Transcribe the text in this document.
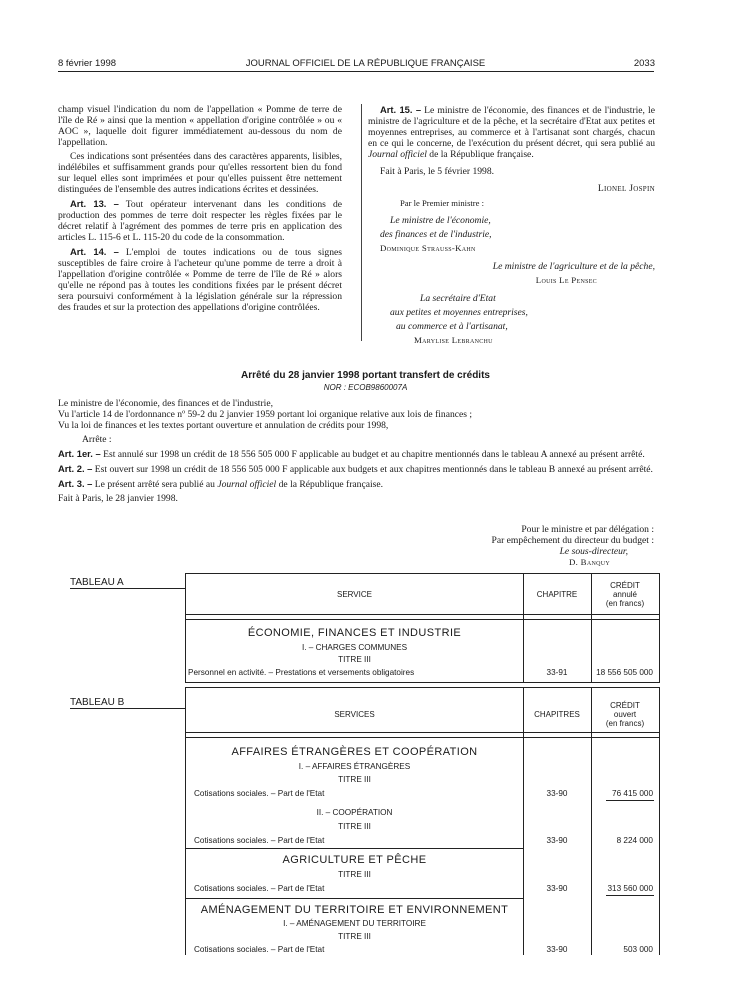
8 février 1998	JOURNAL OFFICIEL DE LA RÉPUBLIQUE FRANÇAISE	2033

champ visuel l'indication du nom de l'appellation « Pomme de terre de l'île de Ré » ainsi que la mention « appellation d'origine contrôlée » ou « AOC », laquelle doit figurer immédiatement au-dessous du nom de l'appellation.

Ces indications sont présentées dans des caractères apparents, lisibles, indélébiles et suffisamment grands pour qu'elles ressortent bien du fond sur lequel elles sont imprimées et pour qu'elles puissent être nettement distinguées de l'ensemble des autres indications écrites et dessinées.

Art. 13. – Tout opérateur intervenant dans les conditions de production des pommes de terre doit respecter les règles fixées par le décret relatif à l'agrément des pommes de terre pris en application des articles L. 115-6 et L. 115-20 du code de la consommation.

Art. 14. – L'emploi de toutes indications ou de tous signes susceptibles de faire croire à l'acheteur qu'une pomme de terre a droit à l'appellation d'origine contrôlée « Pomme de terre de l'île de Ré » alors qu'elle ne répond pas à toutes les conditions fixées par le présent décret sera poursuivi conformément à la législation générale sur la répression des fraudes et sur la protection des appellations d'origine contrôlées.

Art. 15. – Le ministre de l'économie, des finances et de l'industrie, le ministre de l'agriculture et de la pêche, et la secrétaire d'Etat aux petites et moyennes entreprises, au commerce et à l'artisanat sont chargés, chacun en ce qui le concerne, de l'exécution du présent décret, qui sera publié au Journal officiel de la République française.

Fait à Paris, le 5 février 1998.

Lionel Jospin

Par le Premier ministre :

Le ministre de l'économie,

des finances et de l'industrie,

Dominique Strauss-Kahn

Le ministre de l'agriculture et de la pêche,

Louis Le Pensec

La secrétaire d'Etat

aux petites et moyennes entreprises,

au commerce et à l'artisanat,

Marylise Lebranchu

Arrêté du 28 janvier 1998 portant transfert de crédits
NOR : ECOB9860007A

Le ministre de l'économie, des finances et de l'industrie,

Vu l'article 14 de l'ordonnance nº 59-2 du 2 janvier 1959 portant loi organique relative aux lois de finances ;

Vu la loi de finances et les textes portant ouverture et annulation de crédits pour 1998,

Arrête :

Art. 1er. – Est annulé sur 1998 un crédit de 18 556 505 000 F applicable au budget et au chapitre mentionnés dans le tableau A annexé au présent arrêté.

Art. 2. – Est ouvert sur 1998 un crédit de 18 556 505 000 F applicable aux budgets et aux chapitres mentionnés dans le tableau B annexé au présent arrêté.

Art. 3. – Le présent arrêté sera publié au Journal officiel de la République française.

Fait à Paris, le 28 janvier 1998.

Pour le ministre et par délégation :

Par empêchement du directeur du budget :

Le sous-directeur,

D. Banquy

TABLEAU A
SERVICE	CHAPITRE
CRÉDIT
annulé
(en francs)
ÉCONOMIE, FINANCES ET INDUSTRIE
I. – CHARGES COMMUNES
TITRE III
Personnel en activité. – Prestations et versements obligatoires	33-91	18 556 505 000
TABLEAU B
SERVICES	CHAPITRES
CRÉDIT
ouvert
(en francs)
AFFAIRES ÉTRANGÈRES ET COOPÉRATION
I. – AFFAIRES ÉTRANGÈRES
TITRE III
Cotisations sociales. – Part de l'Etat	33-90	76 415 000
II. – COOPÉRATION
TITRE III
Cotisations sociales. – Part de l'Etat	33-90	8 224 000
AGRICULTURE ET PÊCHE
TITRE III
Cotisations sociales. – Part de l'Etat	33-90	313 560 000
AMÉNAGEMENT DU TERRITOIRE ET ENVIRONNEMENT
I. – AMÉNAGEMENT DU TERRITOIRE
TITRE III
Cotisations sociales. – Part de l'Etat	33-90	503 000
